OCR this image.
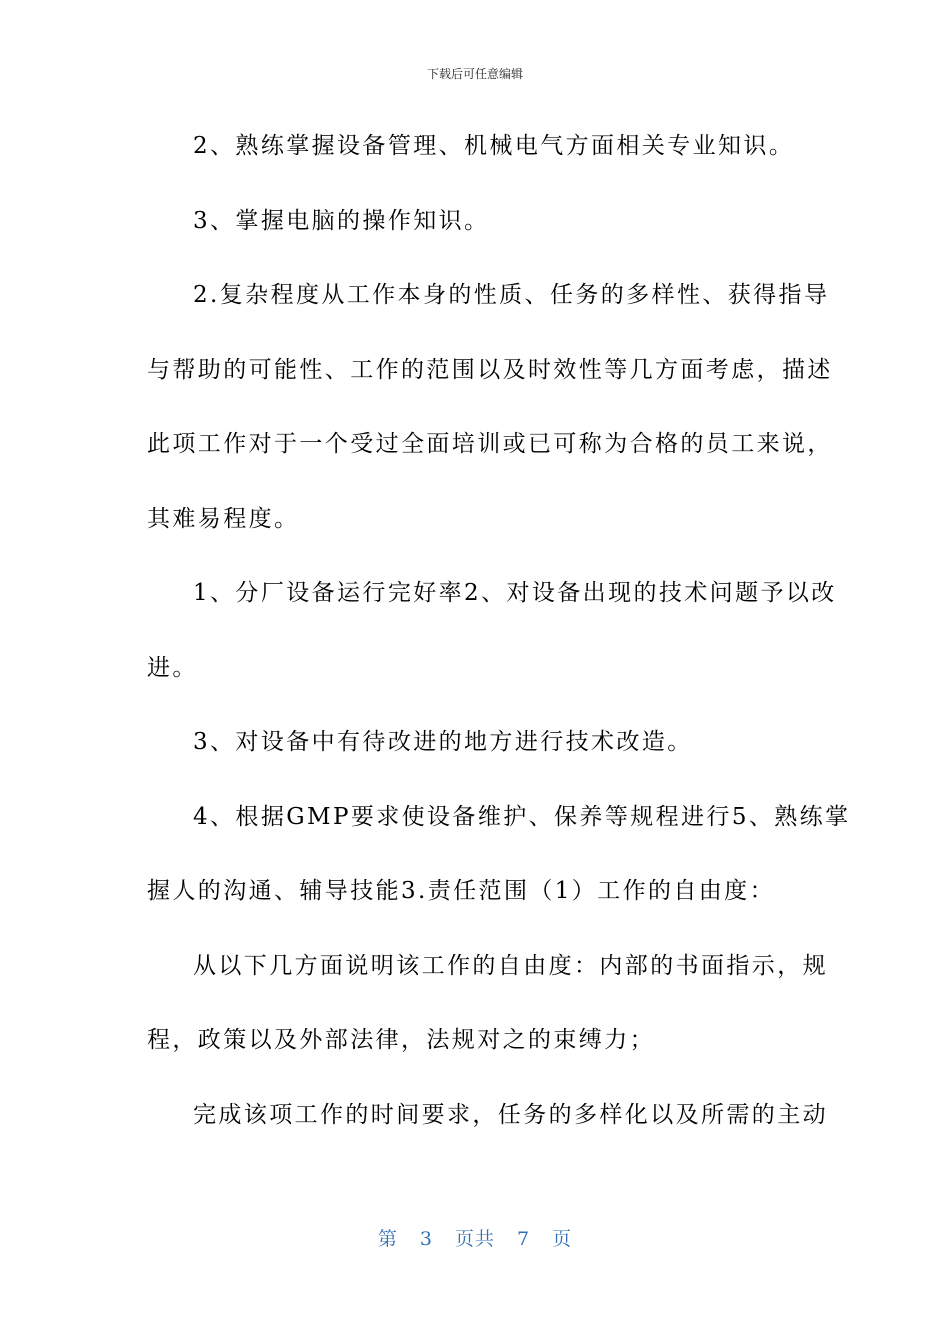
下载后可任意编辑
2、熟练掌握设备管理、机械电气方面相关专业知识。
3、掌握电脑的操作知识。
2.复杂程度从工作本身的性质、任务的多样性、获得指导
与帮助的可能性、工作的范围以及时效性等几方面考虑，描述
此项工作对于一个受过全面培训或已可称为合格的员工来说，
其难易程度。
1、分厂设备运行完好率2、对设备出现的技术问题予以改
进。
3、对设备中有待改进的地方进行技术改造。
4、根据GMP要求使设备维护、保养等规程进行5、熟练掌
握人的沟通、辅导技能3.责任范围（1）工作的自由度：
从以下几方面说明该工作的自由度：内部的书面指示，规
程，政策以及外部法律，法规对之的束缚力；
完成该项工作的时间要求，任务的多样化以及所需的主动
第 3 页共 7 页
